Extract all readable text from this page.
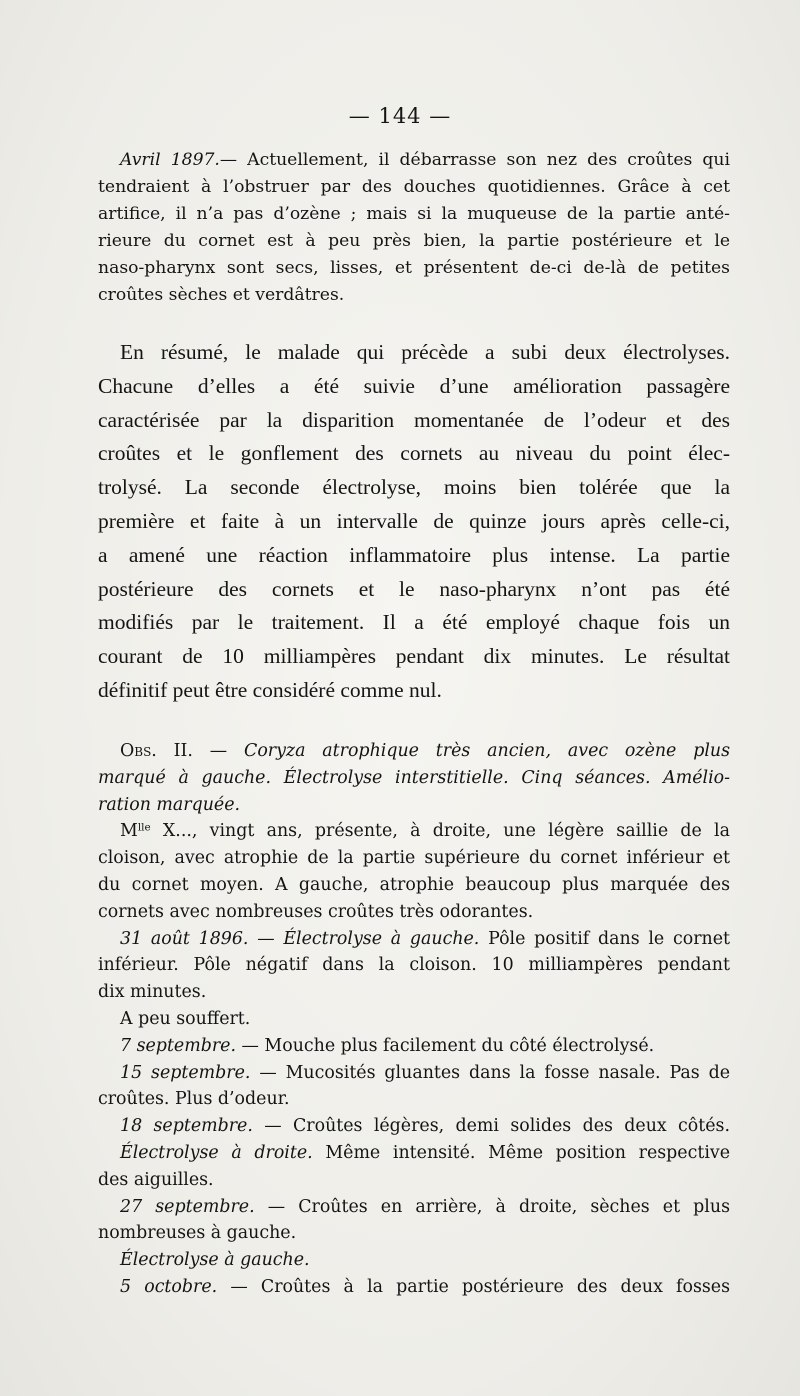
— 144 —
Avril 1897.— Actuellement, il débarrasse son nez des croûtes qui
tendraient à l’obstruer par des douches quotidiennes. Grâce à cet
artifice, il n’a pas d’ozène ; mais si la muqueuse de la partie anté-
rieure du cornet est à peu près bien, la partie postérieure et le
naso-pharynx sont secs, lisses, et présentent de-ci de-là de petites
croûtes sèches et verdâtres.
En résumé, le malade qui précède a subi deux électrolyses.
Chacune d’elles a été suivie d’une amélioration passagère
caractérisée par la disparition momentanée de l’odeur et des
croûtes et le gonflement des cornets au niveau du point élec-
trolysé. La seconde électrolyse, moins bien tolérée que la
première et faite à un intervalle de quinze jours après celle-ci,
a amené une réaction inflammatoire plus intense. La partie
postérieure des cornets et le naso-pharynx n’ont pas été
modifiés par le traitement. Il a été employé chaque fois un
courant de 10 milliampères pendant dix minutes. Le résultat
définitif peut être considéré comme nul.
Obs. II. — Coryza atrophique très ancien, avec ozène plus
marqué à gauche. Électrolyse interstitielle. Cinq séances. Amélio-
ration marquée.
$M^{lle}$ X..., vingt ans, présente, à droite, une légère saillie de la
cloison, avec atrophie de la partie supérieure du cornet inférieur et
du cornet moyen. A gauche, atrophie beaucoup plus marquée des
cornets avec nombreuses croûtes très odorantes.
31 août 1896. — Électrolyse à gauche. Pôle positif dans le cornet
inférieur. Pôle négatif dans la cloison. 10 milliampères pendant
dix minutes.
A peu souffert.
7 septembre. — Mouche plus facilement du côté électrolysé.
15 septembre. — Mucosités gluantes dans la fosse nasale. Pas de
croûtes. Plus d’odeur.
18 septembre. — Croûtes légères, demi solides des deux côtés.
Électrolyse à droite. Même intensité. Même position respective
des aiguilles.
27 septembre. — Croûtes en arrière, à droite, sèches et plus
nombreuses à gauche.
Électrolyse à gauche.
5 octobre. — Croûtes à la partie postérieure des deux fosses
